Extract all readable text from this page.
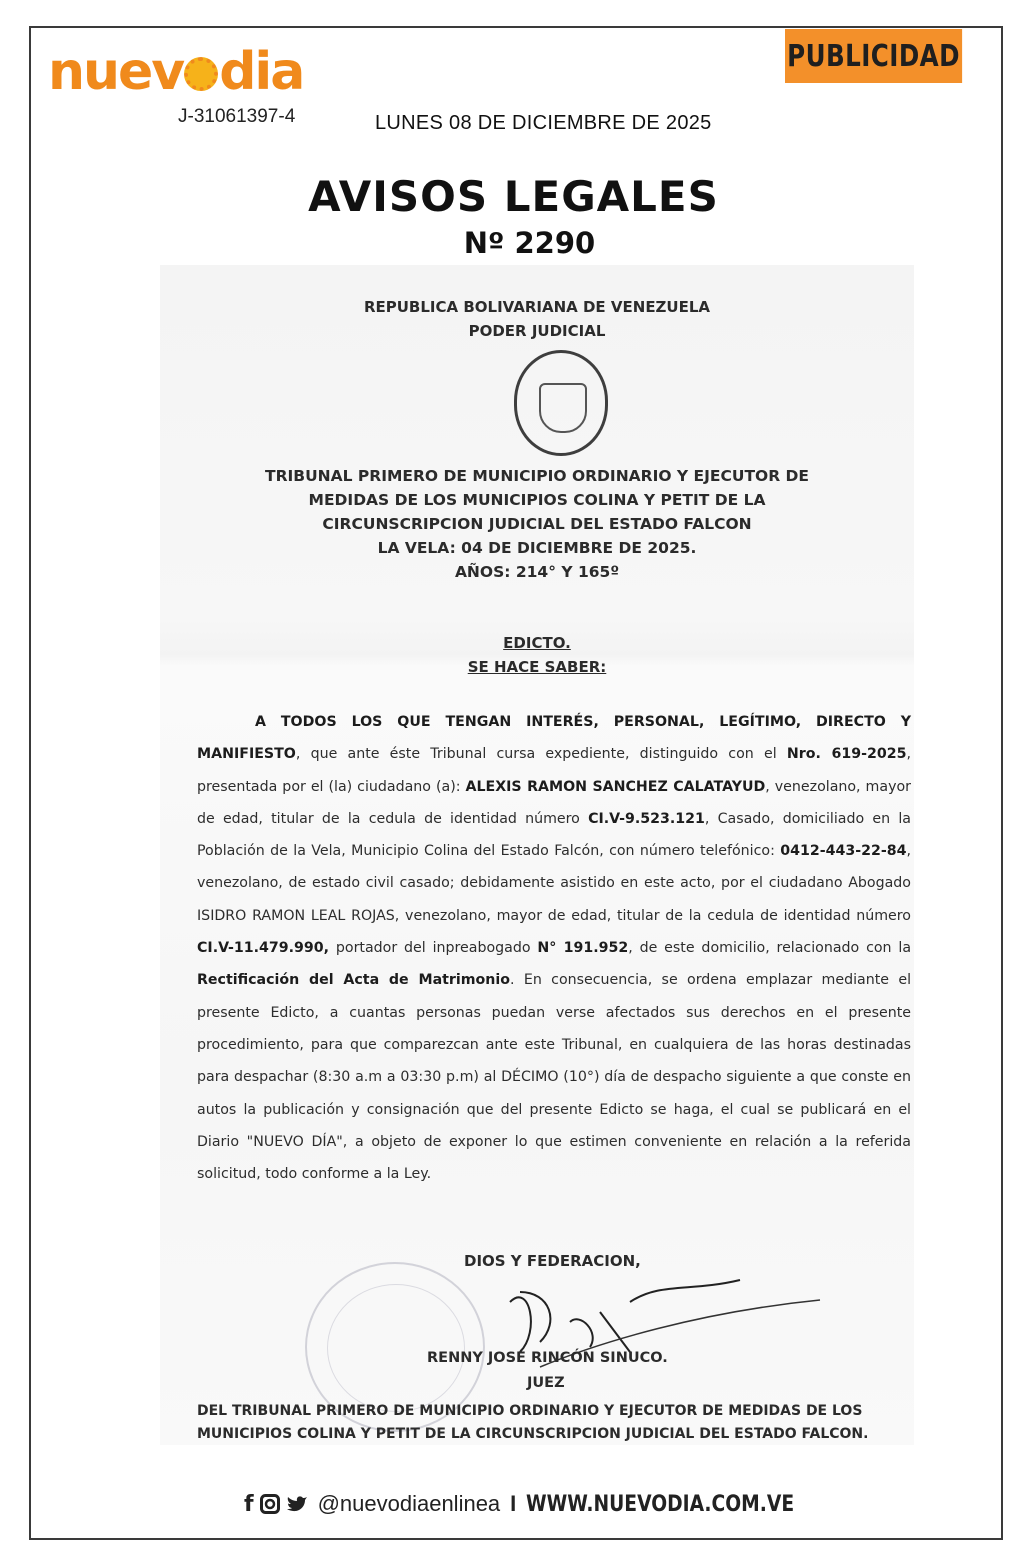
nuev dia
J-31061397-4
PUBLICIDAD
LUNES 08 DE DICIEMBRE DE 2025
AVISOS LEGALES
Nº 2290
REPUBLICA BOLIVARIANA DE VENEZUELA
PODER JUDICIAL
TRIBUNAL PRIMERO DE MUNICIPIO ORDINARIO Y EJECUTOR DE
MEDIDAS DE LOS MUNICIPIOS COLINA Y PETIT DE LA
CIRCUNSCRIPCION JUDICIAL DEL ESTADO FALCON
LA VELA: 04 DE DICIEMBRE DE 2025.
AÑOS: 214° Y 165º
EDICTO.
SE HACE SABER:
A TODOS LOS QUE TENGAN INTERÉS, PERSONAL, LEGÍTIMO, DIRECTO Y MANIFIESTO, que ante éste Tribunal cursa expediente, distinguido con el Nro. 619-2025, presentada por el (la) ciudadano (a): ALEXIS RAMON SANCHEZ CALATAYUD, venezolano, mayor de edad, titular de la cedula de identidad número CI.V-9.523.121, Casado, domiciliado en la Población de la Vela, Municipio Colina del Estado Falcón, con número telefónico: 0412-443-22-84, venezolano, de estado civil casado; debidamente asistido en este acto, por el ciudadano Abogado ISIDRO RAMON LEAL ROJAS, venezolano, mayor de edad, titular de la cedula de identidad número CI.V-11.479.990, portador del inpreabogado N° 191.952, de este domicilio, relacionado con la Rectificación del Acta de Matrimonio. En consecuencia, se ordena emplazar mediante el presente Edicto, a cuantas personas puedan verse afectados sus derechos en el presente procedimiento, para que comparezcan ante este Tribunal, en cualquiera de las horas destinadas para despachar (8:30 a.m a 03:30 p.m) al DÉCIMO (10°) día de despacho siguiente a que conste en autos la publicación y consignación que del presente Edicto se haga, el cual se publicará en el Diario "NUEVO DÍA", a objeto de exponer lo que estimen conveniente en relación a la referida solicitud, todo conforme a la Ley.
DIOS Y FEDERACION,
RENNY JOSÉ RINCÓN SINUCO.
JUEZ
DEL TRIBUNAL PRIMERO DE MUNICIPIO ORDINARIO Y EJECUTOR DE MEDIDAS DE LOS
MUNICIPIOS COLINA Y PETIT DE LA CIRCUNSCRIPCION JUDICIAL DEL ESTADO FALCON.
f	@nuevodiaenlinea I WWW.NUEVODIA.COM.VE
